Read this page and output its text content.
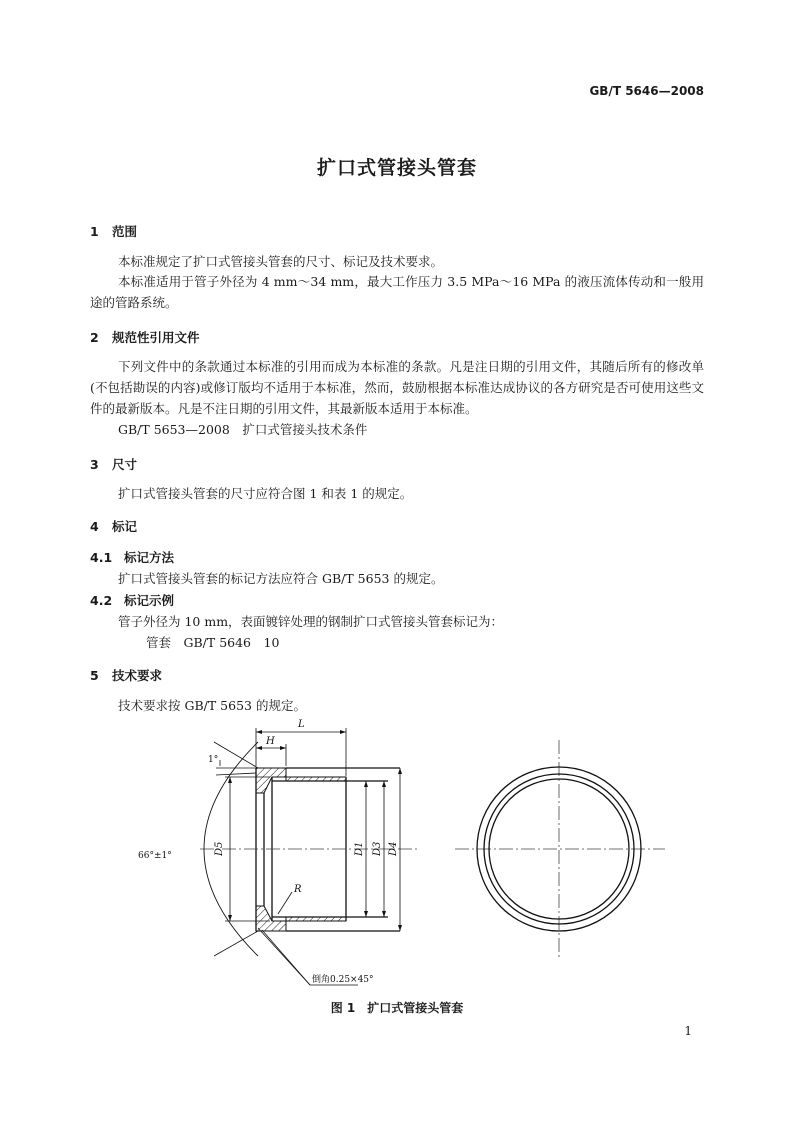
GB/T 5646—2008
扩口式管接头管套
1 范围
本标准规定了扩口式管接头管套的尺寸、标记及技术要求。
本标准适用于管子外径为 4 mm～34 mm，最大工作压力 3.5 MPa～16 MPa 的液压流体传动和一般用途的管路系统。
2 规范性引用文件
下列文件中的条款通过本标准的引用而成为本标准的条款。凡是注日期的引用文件，其随后所有的修改单(不包括勘误的内容)或修订版均不适用于本标准，然而，鼓励根据本标准达成协议的各方研究是否可使用这些文件的最新版本。凡是不注日期的引用文件，其最新版本适用于本标准。
GB/T 5653—2008　扩口式管接头技术条件
3 尺寸
扩口式管接头管套的尺寸应符合图 1 和表 1 的规定。
4 标记
4.1 标记方法
扩口式管接头管套的标记方法应符合 GB/T 5653 的规定。
4.2 标记示例
管子外径为 10 mm，表面镀锌处理的钢制扩口式管接头管套标记为：
管套　GB/T 5646　10
5 技术要求
技术要求按 GB/T 5653 的规定。
L
H
1°
66°±1°	D5	D1 D3 D4
R
倒角0.25×45°
图 1　扩口式管接头管套
1
